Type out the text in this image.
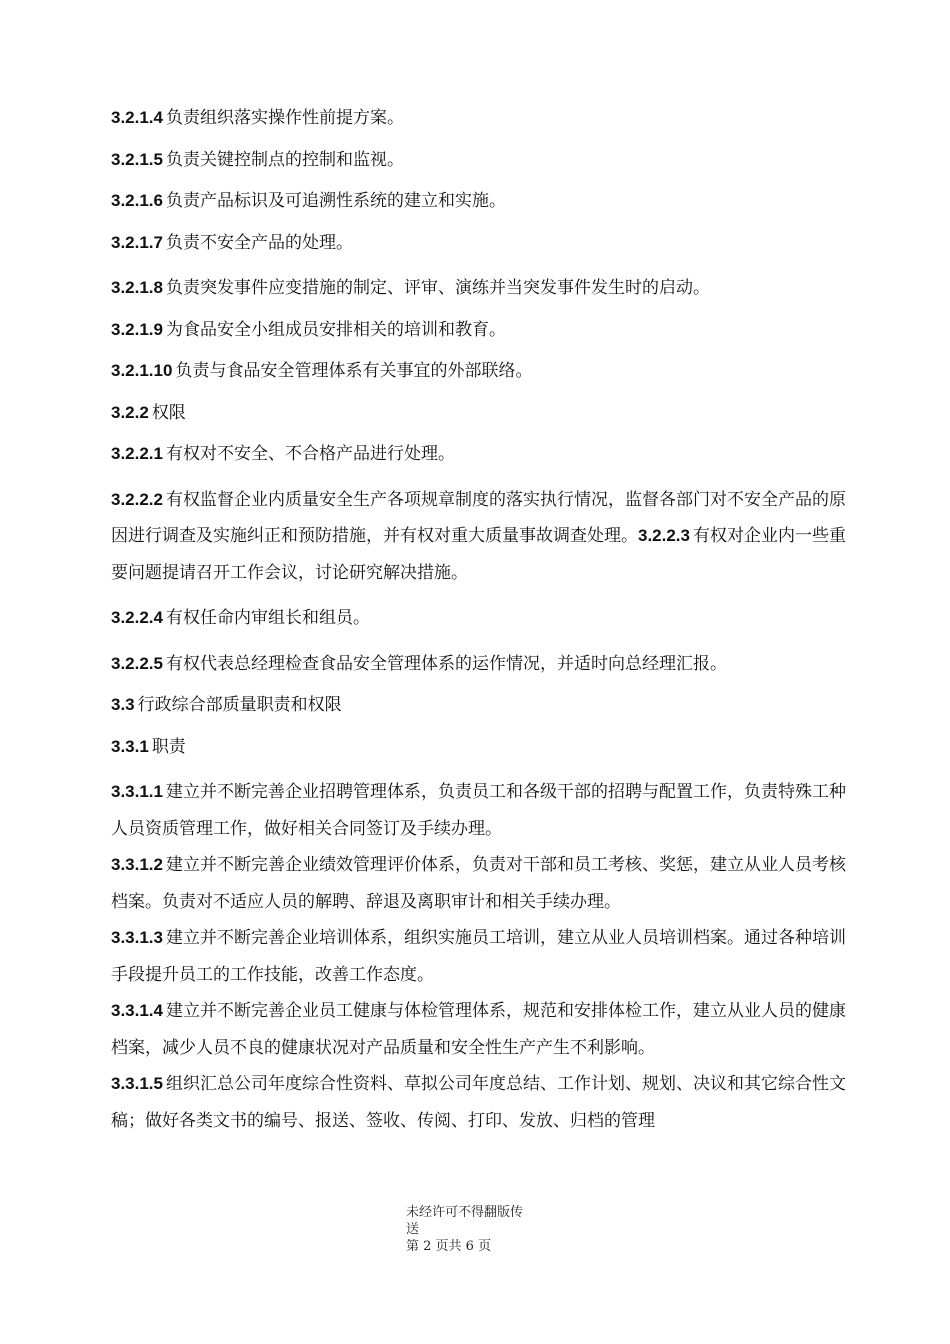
3.2.1.4 负责组织落实操作性前提方案。

3.2.1.5 负责关键控制点的控制和监视。

3.2.1.6 负责产品标识及可追溯性系统的建立和实施。

3.2.1.7 负责不安全产品的处理。

3.2.1.8 负责突发事件应变措施的制定、评审、演练并当突发事件发生时的启动。

3.2.1.9 为食品安全小组成员安排相关的培训和教育。

3.2.1.10 负责与食品安全管理体系有关事宜的外部联络。

3.2.2 权限

3.2.2.1 有权对不安全、不合格产品进行处理。

3.2.2.2 有权监督企业内质量安全生产各项规章制度的落实执行情况，监督各部门对不安全产品的原因进行调查及实施纠正和预防措施，并有权对重大质量事故调查处理。3.2.2.3 有权对企业内一些重要问题提请召开工作会议，讨论研究解决措施。

3.2.2.4 有权任命内审组长和组员。

3.2.2.5 有权代表总经理检查食品安全管理体系的运作情况，并适时向总经理汇报。

3.3 行政综合部质量职责和权限

3.3.1 职责

3.3.1.1 建立并不断完善企业招聘管理体系，负责员工和各级干部的招聘与配置工作，负责特殊工种人员资质管理工作，做好相关合同签订及手续办理。

3.3.1.2 建立并不断完善企业绩效管理评价体系，负责对干部和员工考核、奖惩，建立从业人员考核档案。负责对不适应人员的解聘、辞退及离职审计和相关手续办理。

3.3.1.3 建立并不断完善企业培训体系，组织实施员工培训，建立从业人员培训档案。通过各种培训手段提升员工的工作技能，改善工作态度。

3.3.1.4 建立并不断完善企业员工健康与体检管理体系，规范和安排体检工作，建立从业人员的健康档案，减少人员不良的健康状况对产品质量和安全性生产产生不利影响。

3.3.1.5 组织汇总公司年度综合性资料、草拟公司年度总结、工作计划、规划、决议和其它综合性文稿；做好各类文书的编号、报送、签收、传阅、打印、发放、归档的管理

未经许可不得翻版传
送
第 2 页共 6 页
